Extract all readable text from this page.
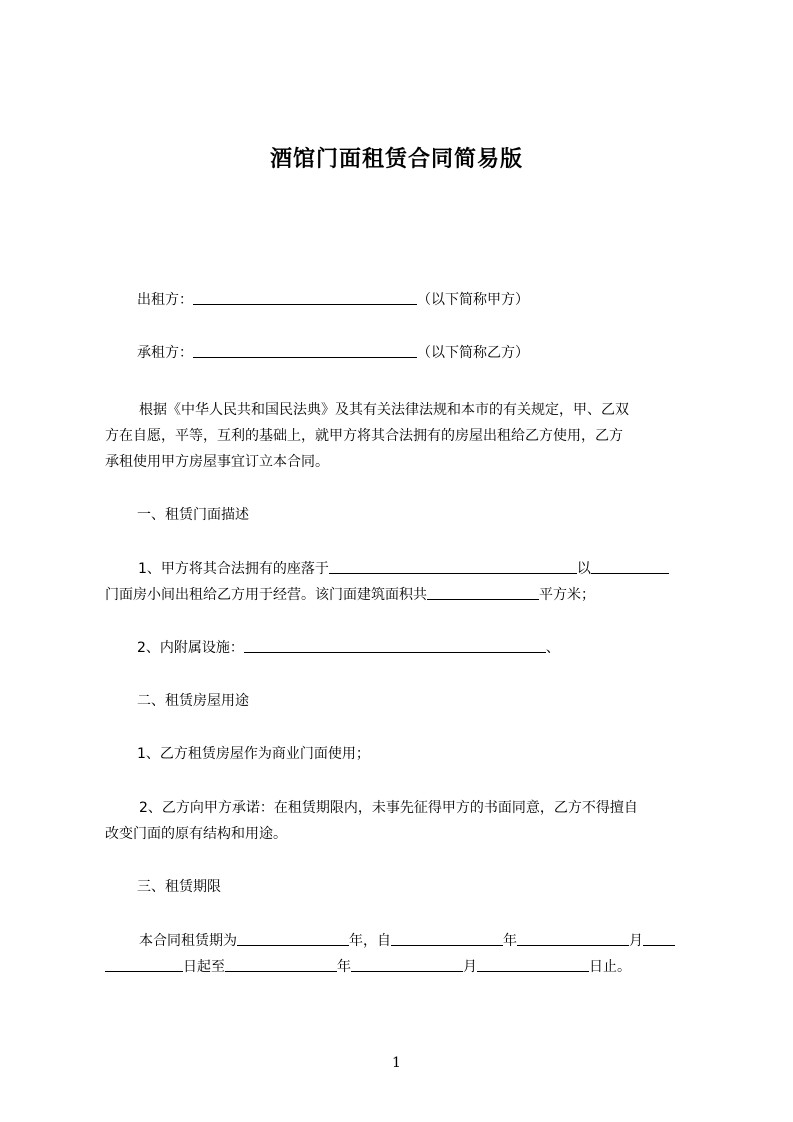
酒馆门面租赁合同简易版
出租方：	（以下简称甲方）
承租方：	（以下简称乙方）
根据《中华人民共和国民法典》及其有关法律法规和本市的有关规定，甲、乙双
方在自愿，平等，互利的基础上，就甲方将其合法拥有的房屋出租给乙方使用，乙方
承租使用甲方房屋事宜订立本合同。
一、租赁门面描述
1、甲方将其合法拥有的座落于	以
门面房小间出租给乙方用于经营。该门面建筑面积共	平方米；
2、内附属设施：	、
二、租赁房屋用途
1、乙方租赁房屋作为商业门面使用；
2、乙方向甲方承诺：在租赁期限内，未事先征得甲方的书面同意，乙方不得擅自
改变门面的原有结构和用途。
三、租赁期限
本合同租赁期为	年，自	年	月
日起至	年	月	日止。
1
